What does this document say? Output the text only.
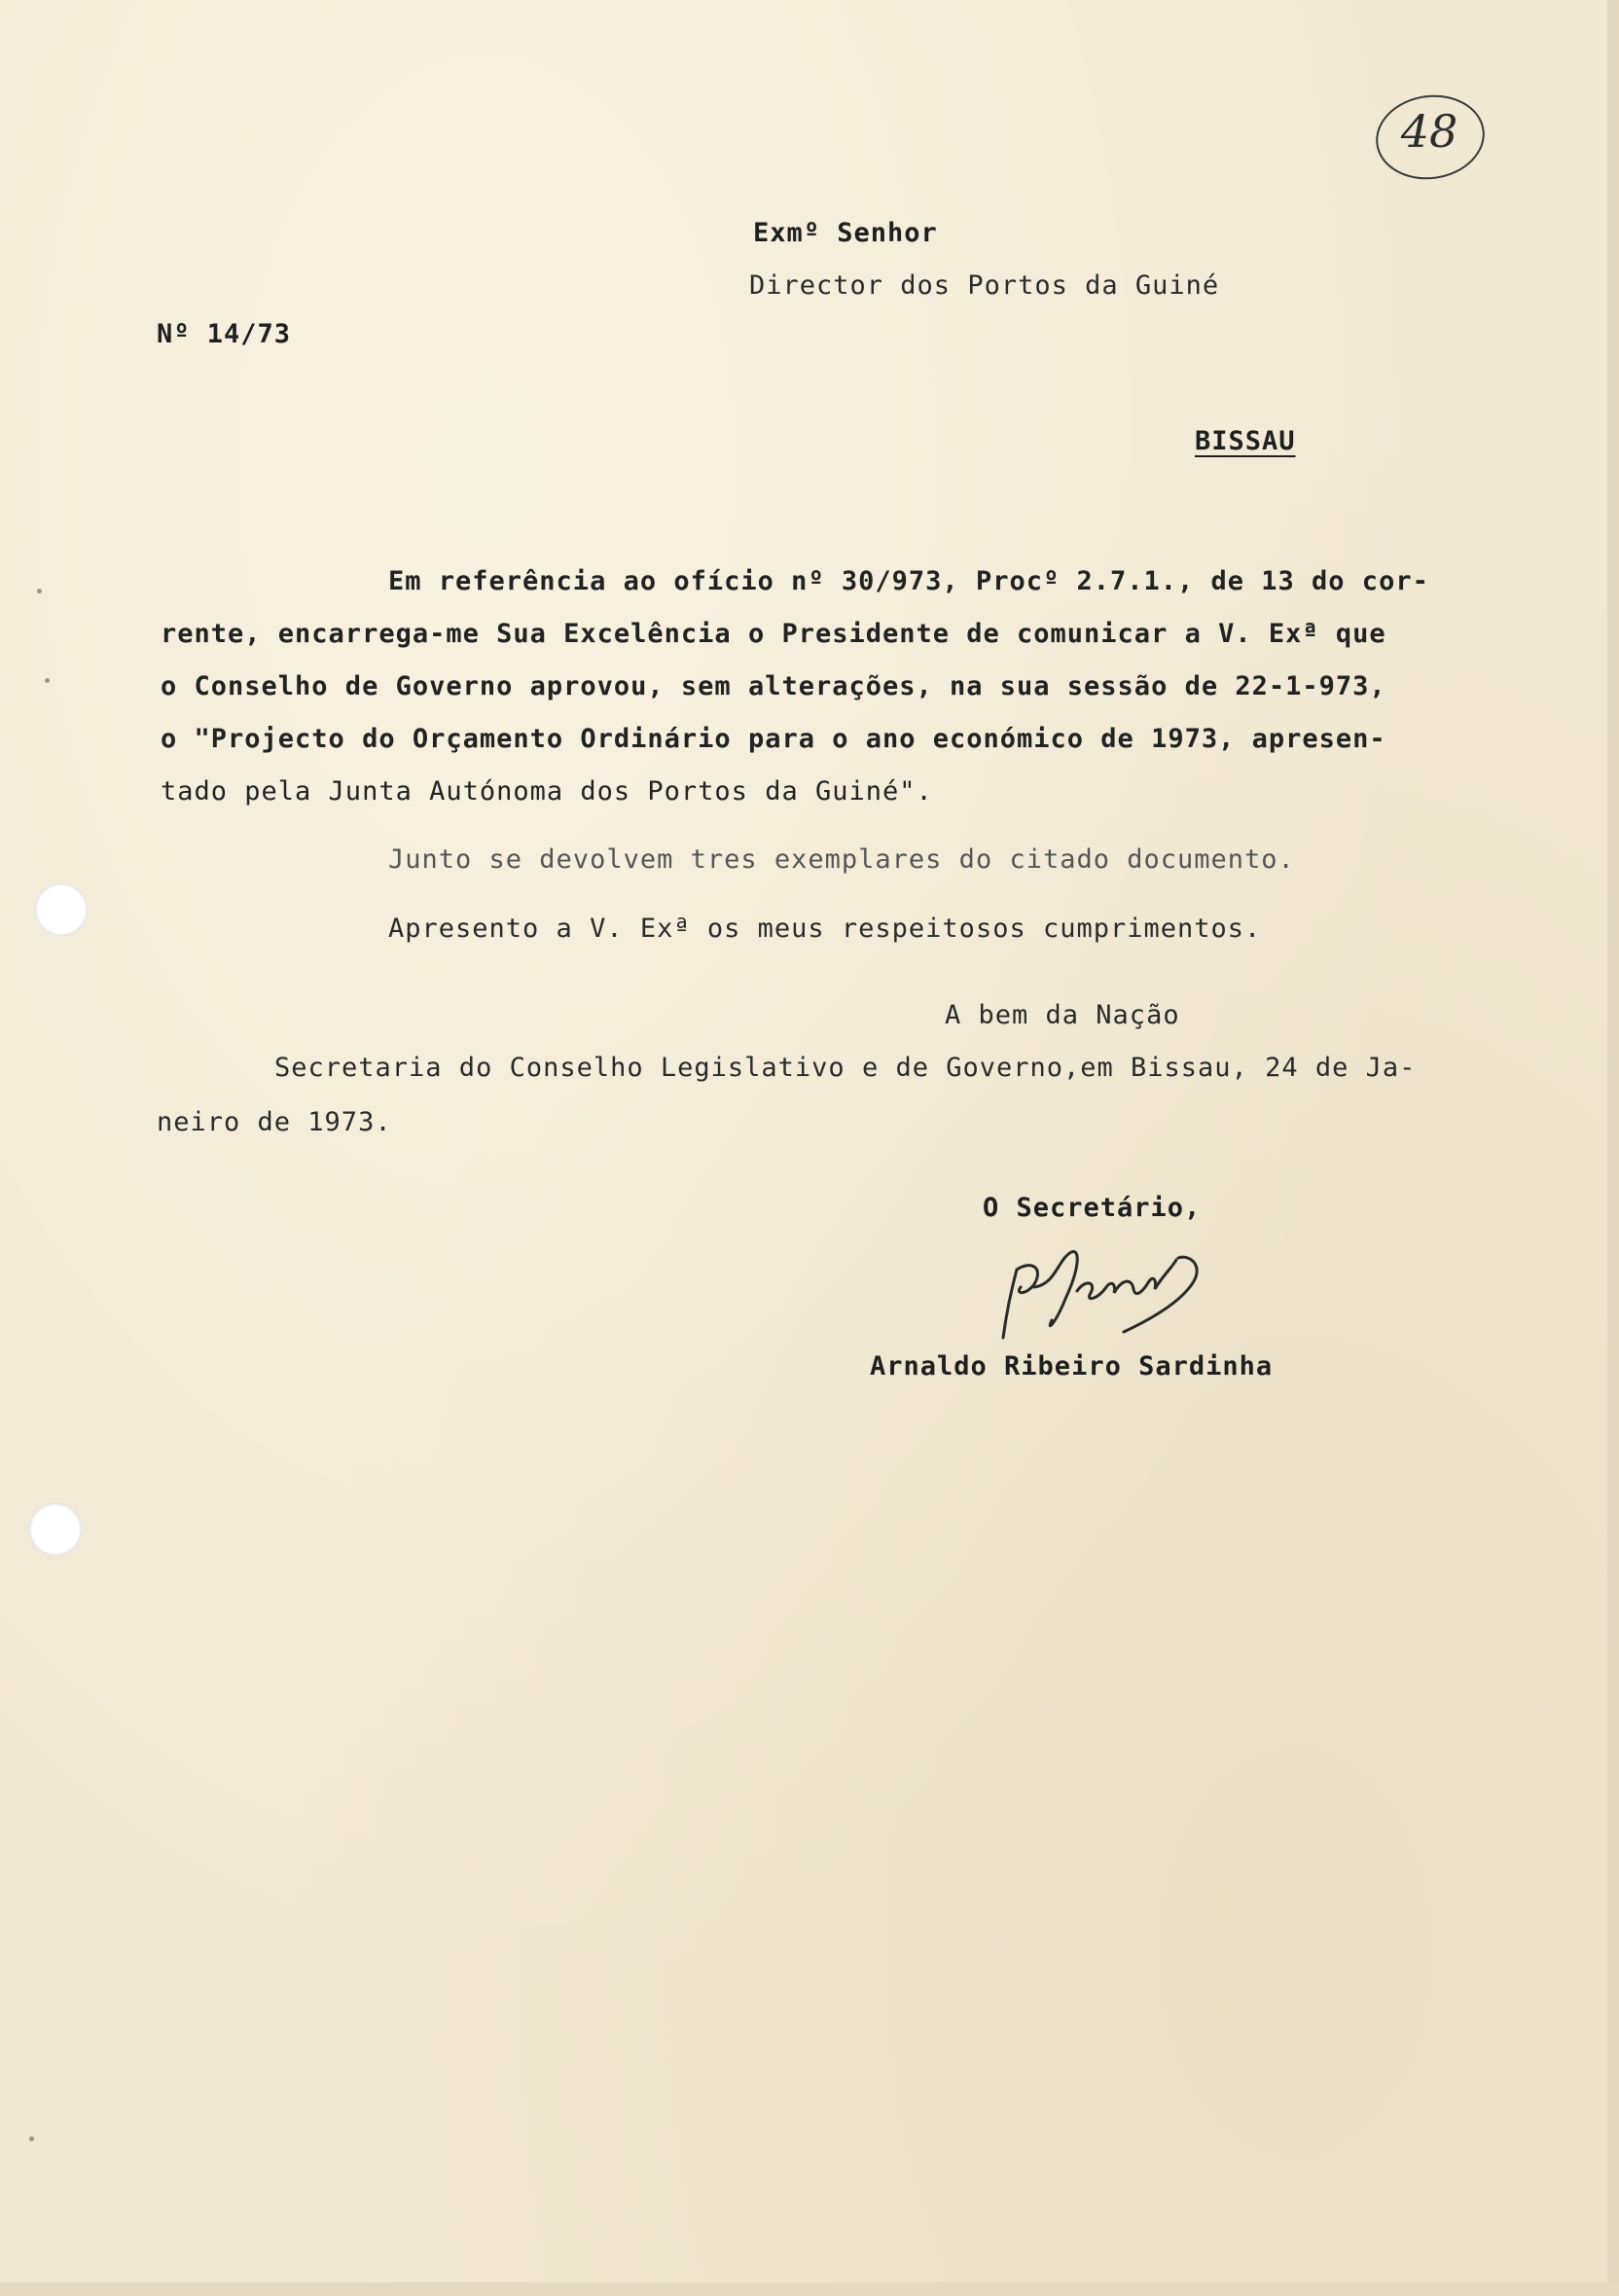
48
Exmº Senhor
Director dos Portos da Guiné
Nº 14/73
BISSAU
Em referência ao ofício nº 30/973, Procº 2.7.1., de 13 do cor-
rente, encarrega-me Sua Excelência o Presidente de comunicar a V. Exª que
o Conselho de Governo aprovou, sem alterações, na sua sessão de 22-1-973,
o "Projecto do Orçamento Ordinário para o ano económico de 1973, apresen-
tado pela Junta Autónoma dos Portos da Guiné".
Junto se devolvem tres exemplares do citado documento.
Apresento a V. Exª os meus respeitosos cumprimentos.
A bem da Nação
Secretaria do Conselho Legislativo e de Governo,em Bissau, 24 de Ja-
neiro de 1973.
O Secretário,
Arnaldo Ribeiro Sardinha
